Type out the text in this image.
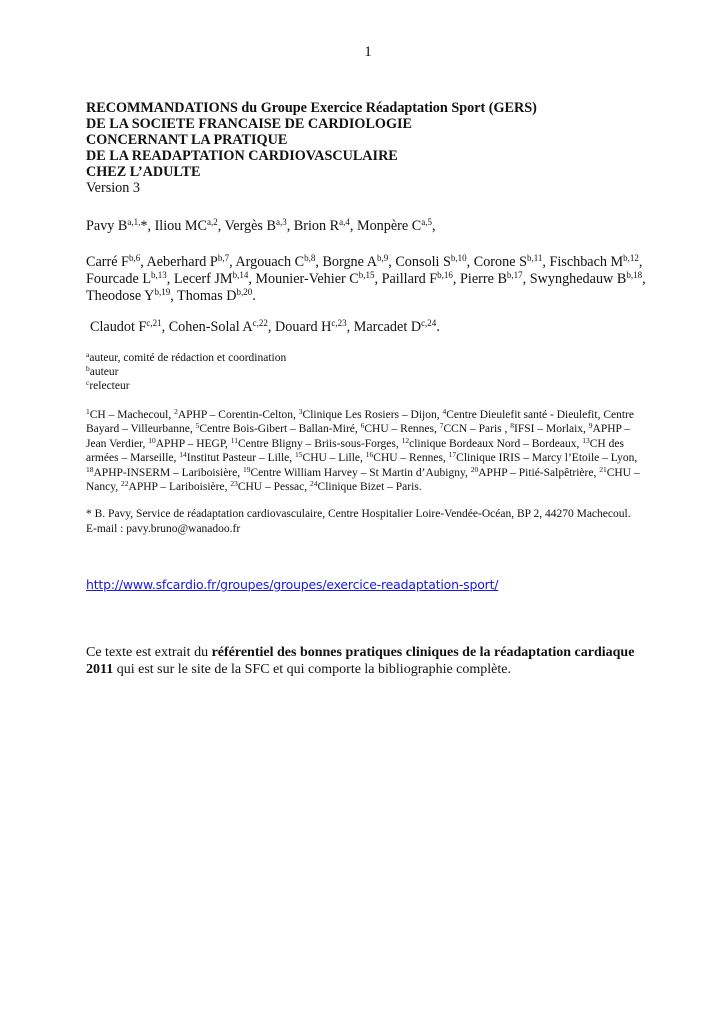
1
RECOMMANDATIONS du Groupe Exercice Réadaptation Sport (GERS)
DE LA SOCIETE FRANCAISE DE CARDIOLOGIE
CONCERNANT LA PRATIQUE
DE LA READAPTATION CARDIOVASCULAIRE
CHEZ L’ADULTE
Version 3
Pavy $B^{a,1,}*$, Iliou MC$^{a,2}$, Vergès B$^{a,3}$, Brion R$^{a,4}$, Monpère C$^{a,5}$,
Carré F$^{b,6}$, Aeberhard P$^{b,7}$, Argouach C$^{b,8}$, Borgne A$^{b,9}$, Consoli S$^{b,10}$, Corone S$^{b,11}$, Fischbach M$^{b,12}$, Fourcade L$^{b,13}$, Lecerf JM$^{b,14}$, Mounier-Vehier C$^{b,15}$, Paillard F$^{b,16}$, Pierre B$^{b,17}$, Swynghedauw B$^{b,18}$, Theodose Y$^{b,19}$, Thomas D$^{b,20}$.
Claudot F$^{c,21}$, Cohen-Solal A$^{c,22}$, Douard H$^{c,23}$, Marcadet D$^{c,24}$.
$^a$auteur, comité de rédaction et coordination
$^b$auteur
$^c$relecteur
$^1$CH – Machecoul, $^2$APHP – Corentin-Celton, $^3$Clinique Les Rosiers – Dijon, $^4$Centre Dieulefit santé - Dieulefit, Centre Bayard – Villeurbanne, $^5$Centre Bois-Gibert – Ballan-Miré, $^6$CHU – Rennes, $^7$CCN – Paris , $^8$IFSI – Morlaix, $^9$APHP – Jean Verdier, $^{10}$APHP – HEGP, $^{11}$Centre Bligny – Briis-sous-Forges, $^{12}$clinique Bordeaux Nord – Bordeaux, $^{13}$CH des armées – Marseille, $^{14}$Institut Pasteur – Lille, $^{15}$CHU – Lille, $^{16}$CHU – Rennes, $^{17}$Clinique IRIS – Marcy l’Etoile – Lyon, $^{18}$APHP-INSERM – Lariboisière, $^{19}$Centre William Harvey – St Martin d’Aubigny, $^{20}$APHP – Pitié-Salpêtrière, $^{21}$CHU – Nancy, $^{22}$APHP – Lariboisière, $^{23}$CHU – Pessac, $^{24}$Clinique Bizet – Paris.
* B. Pavy, Service de réadaptation cardiovasculaire, Centre Hospitalier Loire-Vendée-Océan, BP 2, 44270 Machecoul.
E-mail : pavy.bruno@wanadoo.fr
http://www.sfcardio.fr/groupes/groupes/exercice-readaptation-sport/
Ce texte est extrait du référentiel des bonnes pratiques cliniques de la réadaptation cardiaque 2011 qui est sur le site de la SFC et qui comporte la bibliographie complète.
